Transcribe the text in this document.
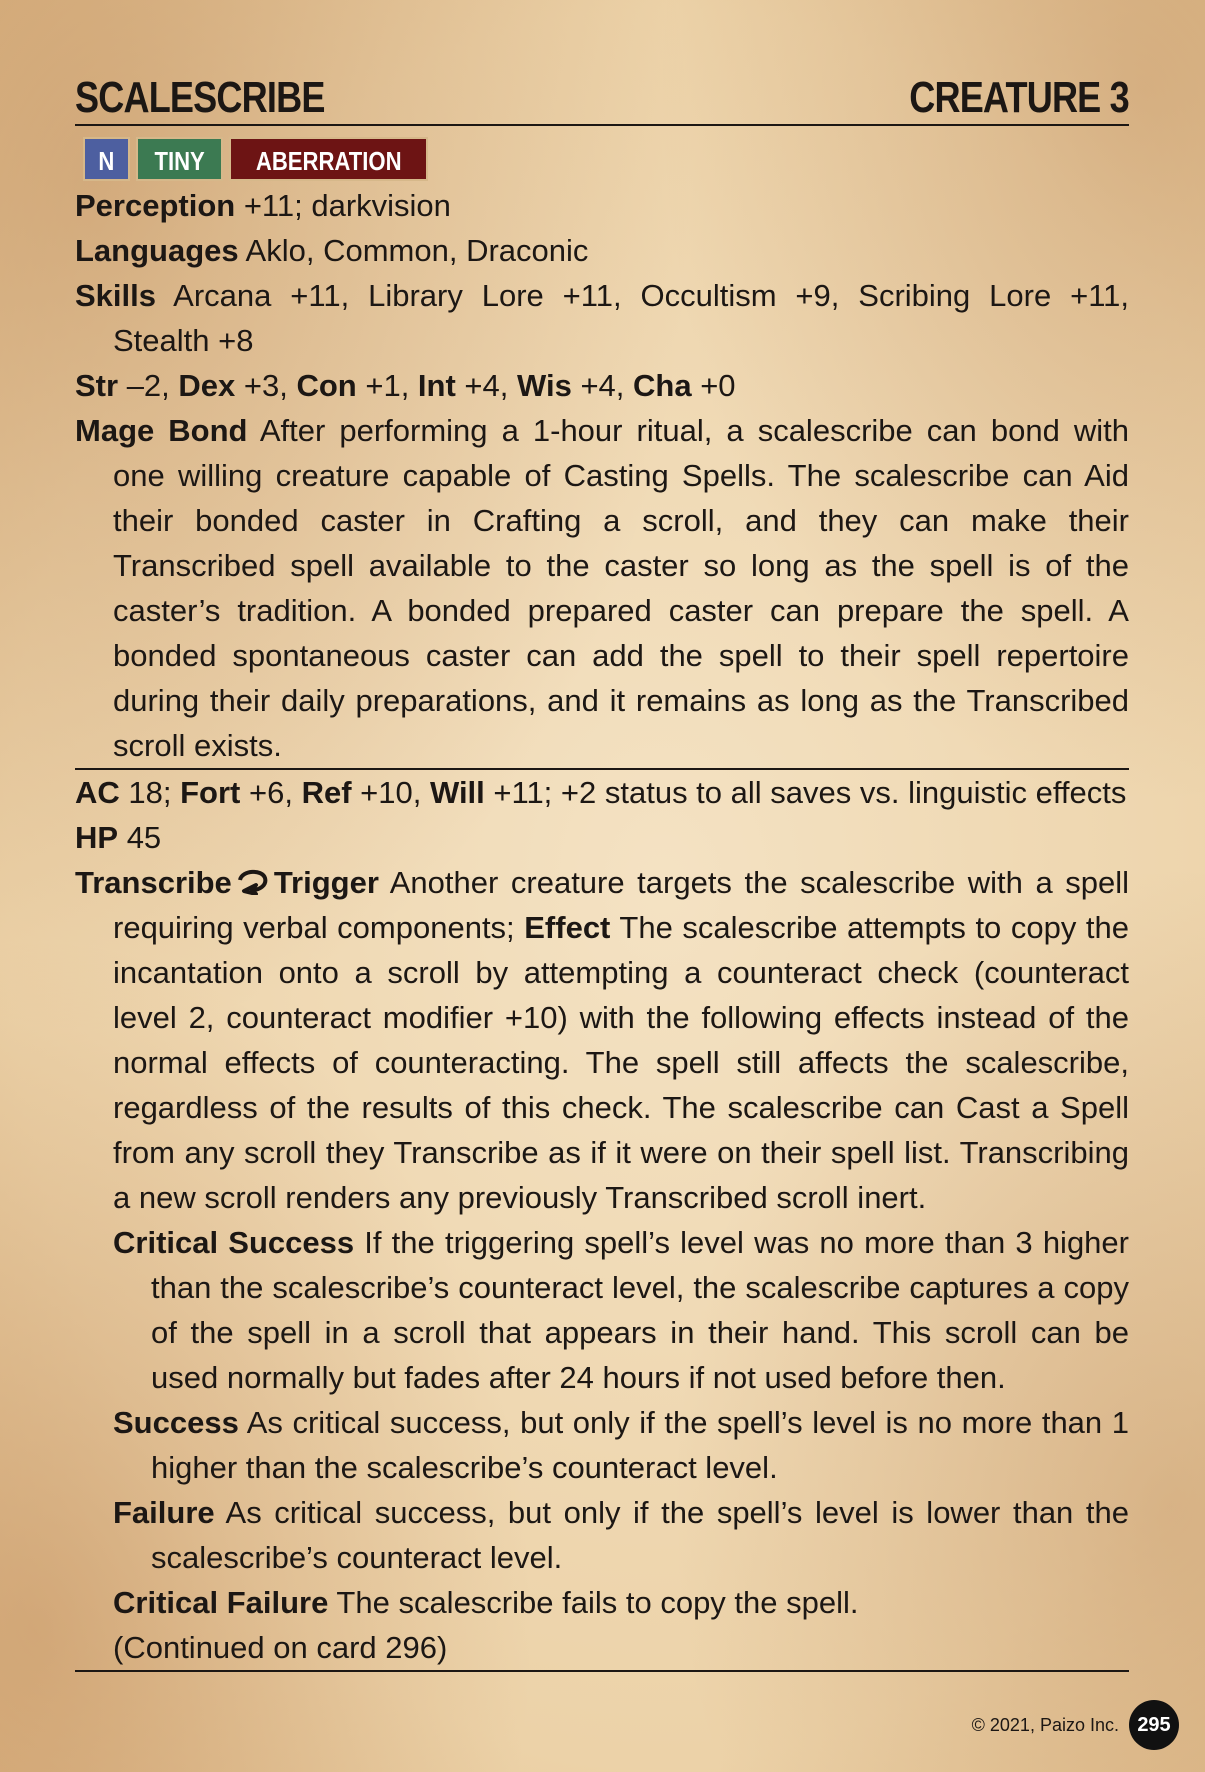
SCALESCRIBE	CREATURE 3
N	TINY	ABERRATION
Perception +11; darkvision
Languages Aklo, Common, Draconic
Skills Arcana +11, Library Lore +11, Occultism +9, Scribing Lore +11, Stealth +8
Str –2, Dex +3, Con +1, Int +4, Wis +4, Cha +0
Mage Bond After performing a 1-hour ritual, a scalescribe can bond with one willing creature capable of Casting Spells. The scalescribe can Aid their bonded caster in Crafting a scroll, and they can make their Transcribed spell available to the caster so long as the spell is of the caster’s tradition. A bonded prepared caster can prepare the spell. A bonded spontaneous caster can add the spell to their spell repertoire during their daily preparations, and it remains as long as the Transcribed scroll exists.
AC 18; Fort +6, Ref +10, Will +11; +2 status to all saves vs. linguistic effects
HP 45
Transcribe Trigger Another creature targets the scalescribe with a spell requiring verbal components; Effect The scalescribe attempts to copy the incantation onto a scroll by attempting a counteract check (counteract level 2, counteract modifier +10) with the following effects instead of the normal effects of counteracting. The spell still affects the scalescribe, regardless of the results of this check. The scalescribe can Cast a Spell from any scroll they Transcribe as if it were on their spell list. Transcribing a new scroll renders any previously Transcribed scroll inert.
Critical Success If the triggering spell’s level was no more than 3 higher than the scalescribe’s counteract level, the scalescribe captures a copy of the spell in a scroll that appears in their hand. This scroll can be used normally but fades after 24 hours if not used before then.
Success As critical success, but only if the spell’s level is no more than 1 higher than the scalescribe’s counteract level.
Failure As critical success, but only if the spell’s level is lower than the scalescribe’s counteract level.
Critical Failure The scalescribe fails to copy the spell.
(Continued on card 296)
© 2021, Paizo Inc. 295
